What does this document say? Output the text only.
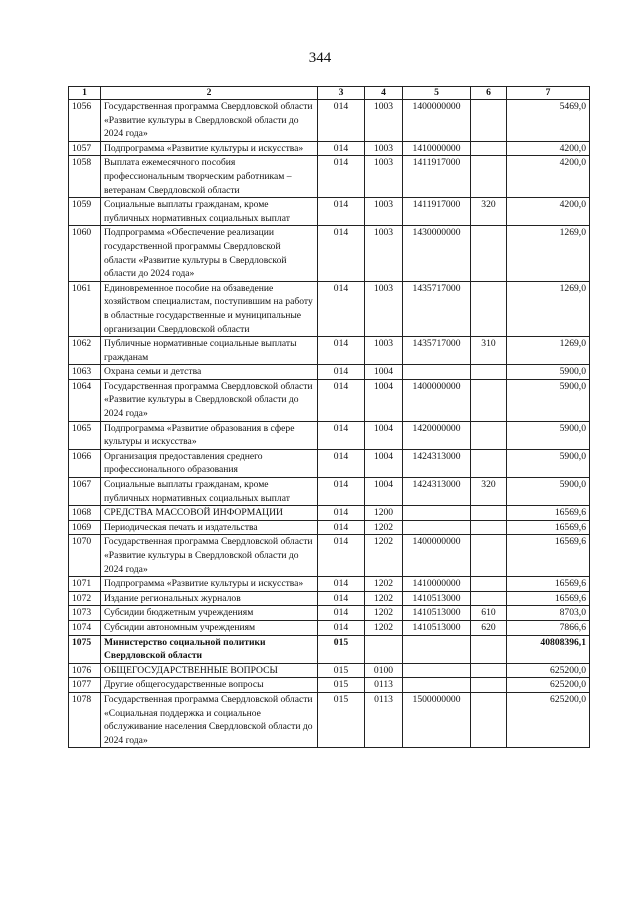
344
1	2	3	4	5	6	7
1056	Государственная программа Свердловской области «Развитие культуры в Свердловской области до 2024 года»	014	1003	1400000000		5469,0
1057	Подпрограмма «Развитие культуры и искусства»	014	1003	1410000000		4200,0
1058	Выплата ежемесячного пособия профессиональным творческим работникам – ветеранам Свердловской области	014	1003	1411917000		4200,0
1059	Социальные выплаты гражданам, кроме публичных нормативных социальных выплат	014	1003	1411917000	320	4200,0
1060	Подпрограмма «Обеспечение реализации государственной программы Свердловской области «Развитие культуры в Свердловской области до 2024 года»	014	1003	1430000000		1269,0
1061	Единовременное пособие на обзаведение хозяйством специалистам, поступившим на работу в областные государственные и муниципальные организации Свердловской области	014	1003	1435717000		1269,0
1062	Публичные нормативные социальные выплаты гражданам	014	1003	1435717000	310	1269,0
1063	Охрана семьи и детства	014	1004			5900,0
1064	Государственная программа Свердловской области «Развитие культуры в Свердловской области до 2024 года»	014	1004	1400000000		5900,0
1065	Подпрограмма «Развитие образования в сфере культуры и искусства»	014	1004	1420000000		5900,0
1066	Организация предоставления среднего профессионального образования	014	1004	1424313000		5900,0
1067	Социальные выплаты гражданам, кроме публичных нормативных социальных выплат	014	1004	1424313000	320	5900,0
1068	СРЕДСТВА МАССОВОЙ ИНФОРМАЦИИ	014	1200			16569,6
1069	Периодическая печать и издательства	014	1202			16569,6
1070	Государственная программа Свердловской области «Развитие культуры в Свердловской области до 2024 года»	014	1202	1400000000		16569,6
1071	Подпрограмма «Развитие культуры и искусства»	014	1202	1410000000		16569,6
1072	Издание региональных журналов	014	1202	1410513000		16569,6
1073	Субсидии бюджетным учреждениям	014	1202	1410513000	610	8703,0
1074	Субсидии автономным учреждениям	014	1202	1410513000	620	7866,6
1075	Министерство социальной политики Свердловской области	015				40808396,1
1076	ОБЩЕГОСУДАРСТВЕННЫЕ ВОПРОСЫ	015	0100			625200,0
1077	Другие общегосударственные вопросы	015	0113			625200,0
1078	Государственная программа Свердловской области «Социальная поддержка и социальное обслуживание населения Свердловской области до 2024 года»	015	0113	1500000000		625200,0
